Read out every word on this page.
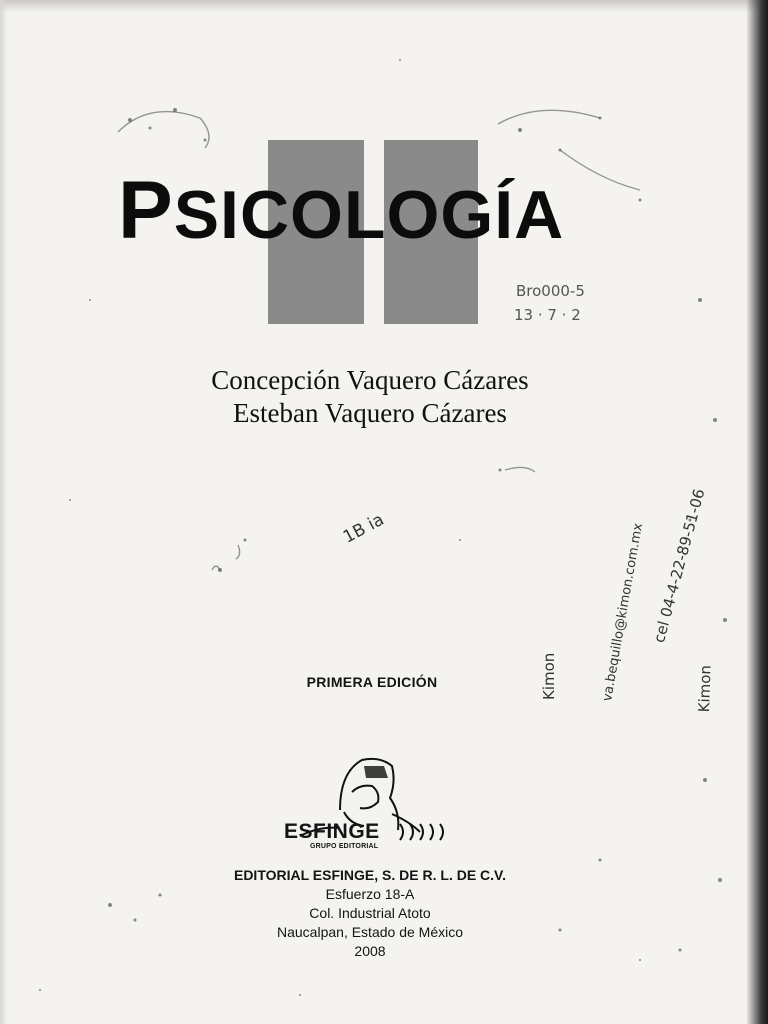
PSICOLOGÍA
Bro000-5
13 · 7 · 2
Concepción Vaquero Cázares
Esteban Vaquero Cázares
1B ia
Kimon	va.bequillo@kimon.com.mx cel 04-4-22-89-51-06
Kimon
PRIMERA EDICIÓN
ESFINGE
GRUPO EDITORIAL
EDITORIAL ESFINGE, S. DE R. L. DE C.V.
Esfuerzo 18-A
Col. Industrial Atoto
Naucalpan, Estado de México
2008
